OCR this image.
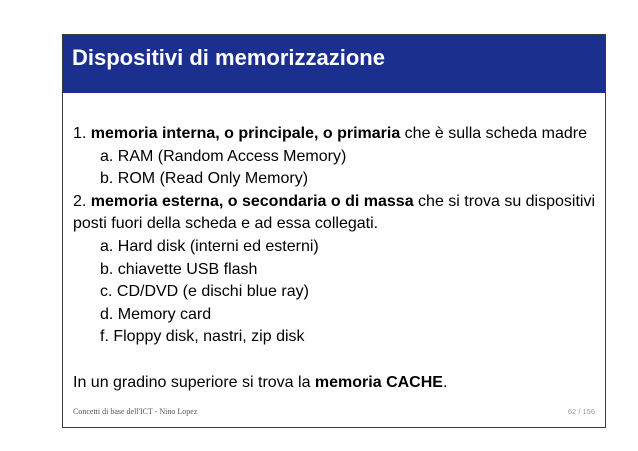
Dispositivi di memorizzazione

1. memoria interna, o principale, o primaria che è sulla scheda madre

a. RAM (Random Access Memory)

b. ROM (Read Only Memory)

2. memoria esterna, o secondaria o di massa che si trova su dispositivi posti fuori della scheda e ad essa collegati.

a. Hard disk (interni ed esterni)

b. chiavette USB flash

c. CD/DVD (e dischi blue ray)

d. Memory card

f. Floppy disk, nastri, zip disk

In un gradino superiore si trova la memoria CACHE.

Concetti di base dell'ICT - Nino Lopez	62 / 156
